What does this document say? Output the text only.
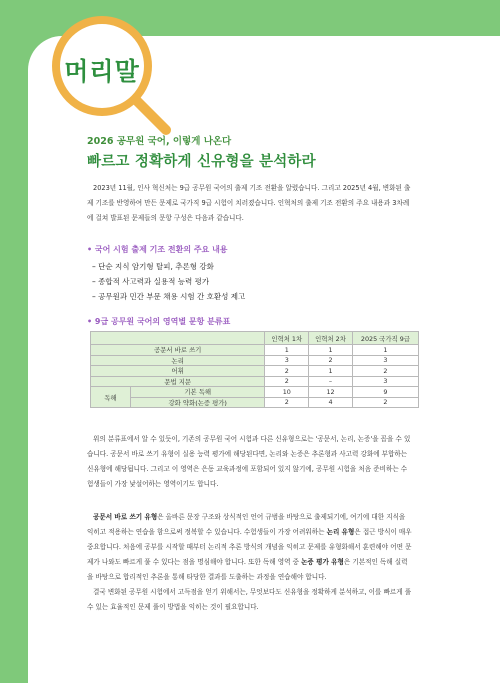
머리말
2026 공무원 국어, 이렇게 나온다
빠르고 정확하게 신유형을 분석하라

2023년 11월, 인사 혁신처는 9급 공무원 국어의 출제 기조 전환을 알렸습니다. 그리고 2025년 4월, 변화된 출제 기조를 반영하여 만든 문제로 국가직 9급 시험이 치러졌습니다. 인혁처의 출제 기조 전환의 주요 내용과 3차례에 걸쳐 발표된 문제들의 문항 구성은 다음과 같습니다.

• 국어 시험 출제 기조 전환의 주요 내용
– 단순 지식 암기형 탈피, 추론형 강화
– 종합적 사고력과 실용적 능력 평가
– 공무원과 민간 부문 채용 시험 간 호환성 제고
• 9급 공무원 국어의 영역별 문항 분류표
		인혁처 1차	인혁처 2차	2025 국가직 9급
공문서 바로 쓰기		1	1	1
논리		3	2	3
어휘		2	1	2
문법 지문		2	–	3
독해	기본 독해	10	12	9
	강화 약화(논증 평가)	2	4	2

위의 분류표에서 알 수 있듯이, 기존의 공무원 국어 시험과 다른 신유형으로는 '공문서, 논리, 논증'을 꼽을 수 있습니다. 공문서 바로 쓰기 유형이 실용 능력 평가에 해당된다면, 논리와 논증은 추론형과 사고력 강화에 부합하는 신유형에 해당됩니다. 그리고 이 영역은 은동 교육과정에 포함되어 있지 않기에, 공무원 시험을 처음 준비하는 수험생들이 가장 낯설어하는 영역이기도 합니다.

공문서 바로 쓰기 유형은 올바른 문장 구조와 상식적인 언어 규범을 바탕으로 출제되기에, 여기에 대한 지식을 익히고 적용하는 연습을 함으로써 정복할 수 있습니다. 수험생들이 가장 어려워하는 논리 유형은 접근 방식이 매우 중요합니다. 처음에 공부를 시작할 때부터 논리적 추론 방식의 개념을 익히고 문제를 유형화해서 훈련해야 어떤 문제가 나와도 빠르게 풀 수 있다는 점을 명심해야 합니다. 또한 독해 영역 중 논증 평가 유형은 기본적인 독해 실력을 바탕으로 합리적인 추론을 통해 타당한 결과를 도출하는 과정을 연습해야 합니다.

결국 변화된 공무원 시험에서 고득점을 얻기 위해서는, 무엇보다도 신유형을 정확하게 분석하고, 이를 빠르게 풀 수 있는 효율적인 문제 풀이 방법을 익히는 것이 필요합니다.
